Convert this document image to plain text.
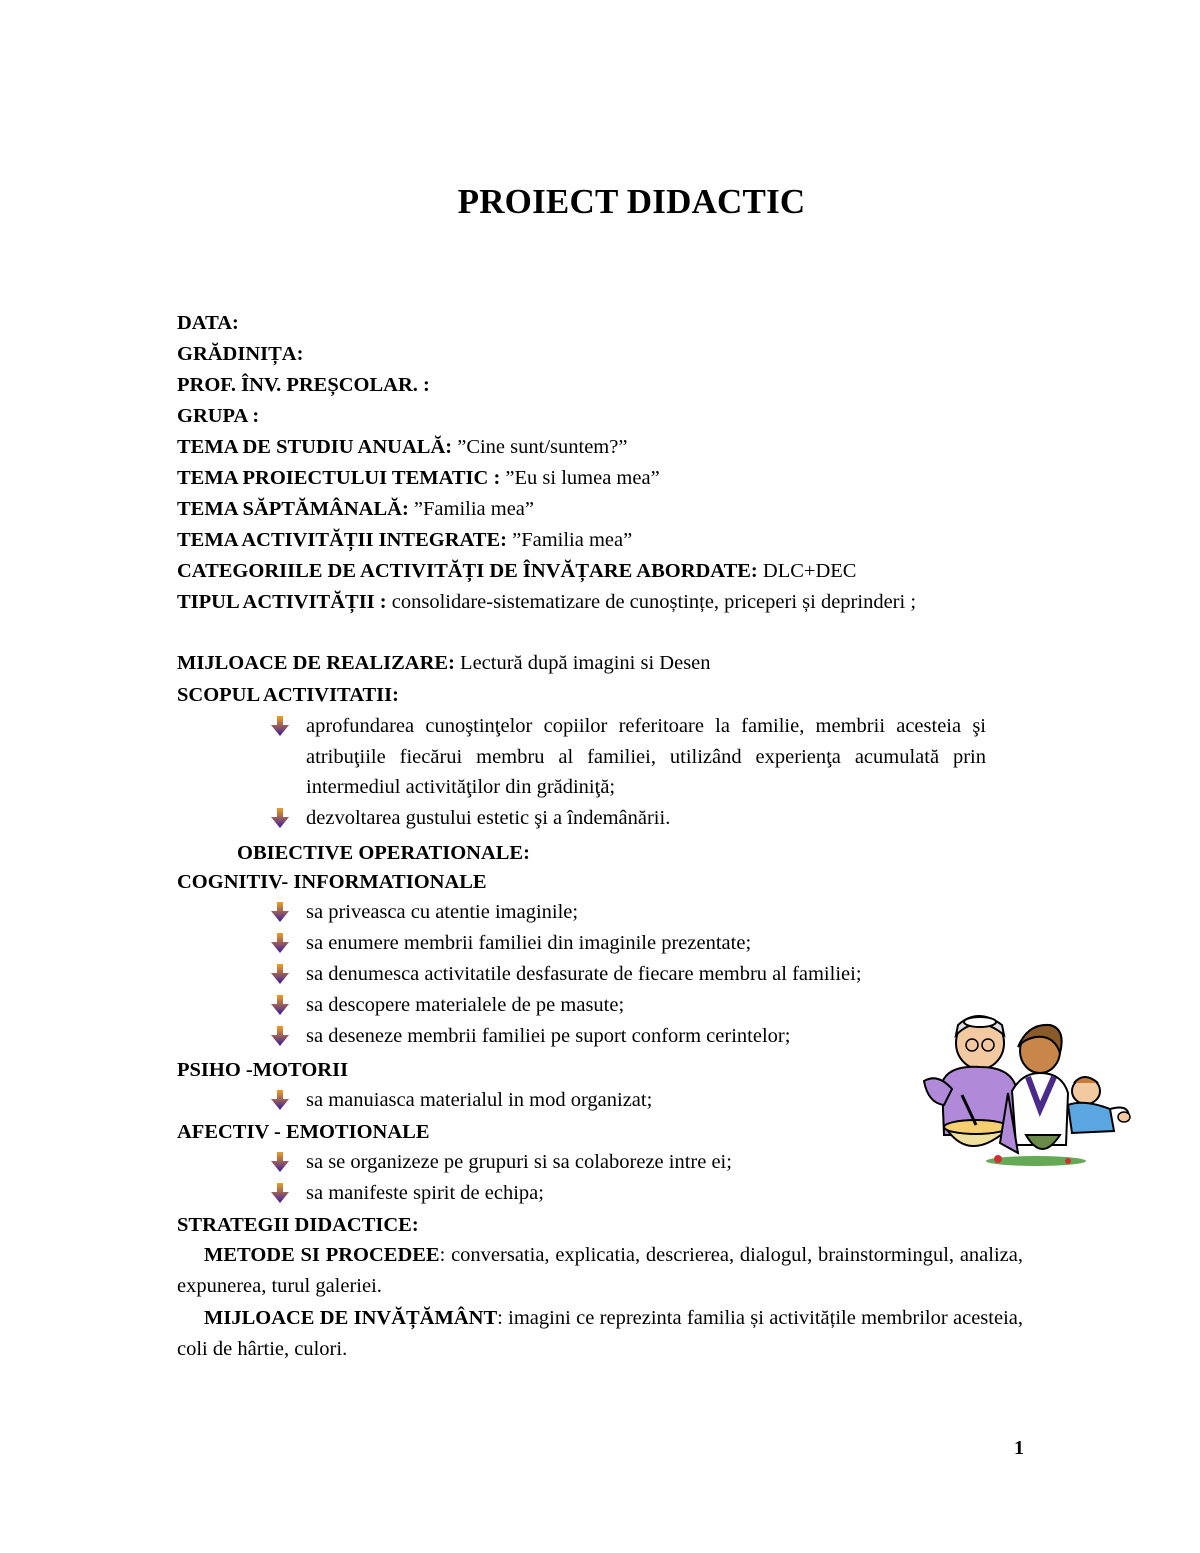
PROIECT DIDACTIC
DATA:
GRĂDINIȚA:
PROF. ÎNV. PREȘCOLAR. :
GRUPA :
TEMA DE STUDIU ANUALĂ: ”Cine sunt/suntem?”
TEMA PROIECTULUI TEMATIC : ”Eu si lumea mea”
TEMA SĂPTĂMÂNALĂ: ”Familia mea”
TEMA ACTIVITĂȚII INTEGRATE: ”Familia mea”
CATEGORIILE DE ACTIVITĂȚI DE ÎNVĂȚARE ABORDATE: DLC+DEC
TIPUL ACTIVITĂȚII : consolidare-sistematizare de cunoștințe, priceperi și deprinderi ;
MIJLOACE DE REALIZARE: Lectură după imagini si Desen
SCOPUL ACTIVITATII:
aprofundarea cunoştinţelor copiilor referitoare la familie, membrii acesteia şi atribuţiile fiecărui membru al familiei, utilizând experienţa acumulată prin intermediul activităţilor din grădiniţă;
dezvoltarea gustului estetic şi a îndemânării.
OBIECTIVE OPERATIONALE:
COGNITIV- INFORMATIONALE
sa priveasca cu atentie imaginile;
sa enumere membrii familiei din imaginile prezentate;
sa denumesca activitatile desfasurate de fiecare membru al familiei;
sa descopere materialele de pe masute;
sa deseneze membrii familiei pe suport conform cerintelor;
PSIHO -MOTORII
sa manuiasca materialul in mod organizat;
AFECTIV - EMOTIONALE
sa se organizeze pe grupuri si sa colaboreze intre ei;
sa manifeste spirit de echipa;
STRATEGII DIDACTICE:
METODE SI PROCEDEE: conversatia, explicatia, descrierea, dialogul, brainstormingul, analiza, expunerea, turul galeriei.
MIJLOACE DE INVĂȚĂMÂNT: imagini ce reprezinta familia și activitățile membrilor acesteia, coli de hârtie, culori.
1
